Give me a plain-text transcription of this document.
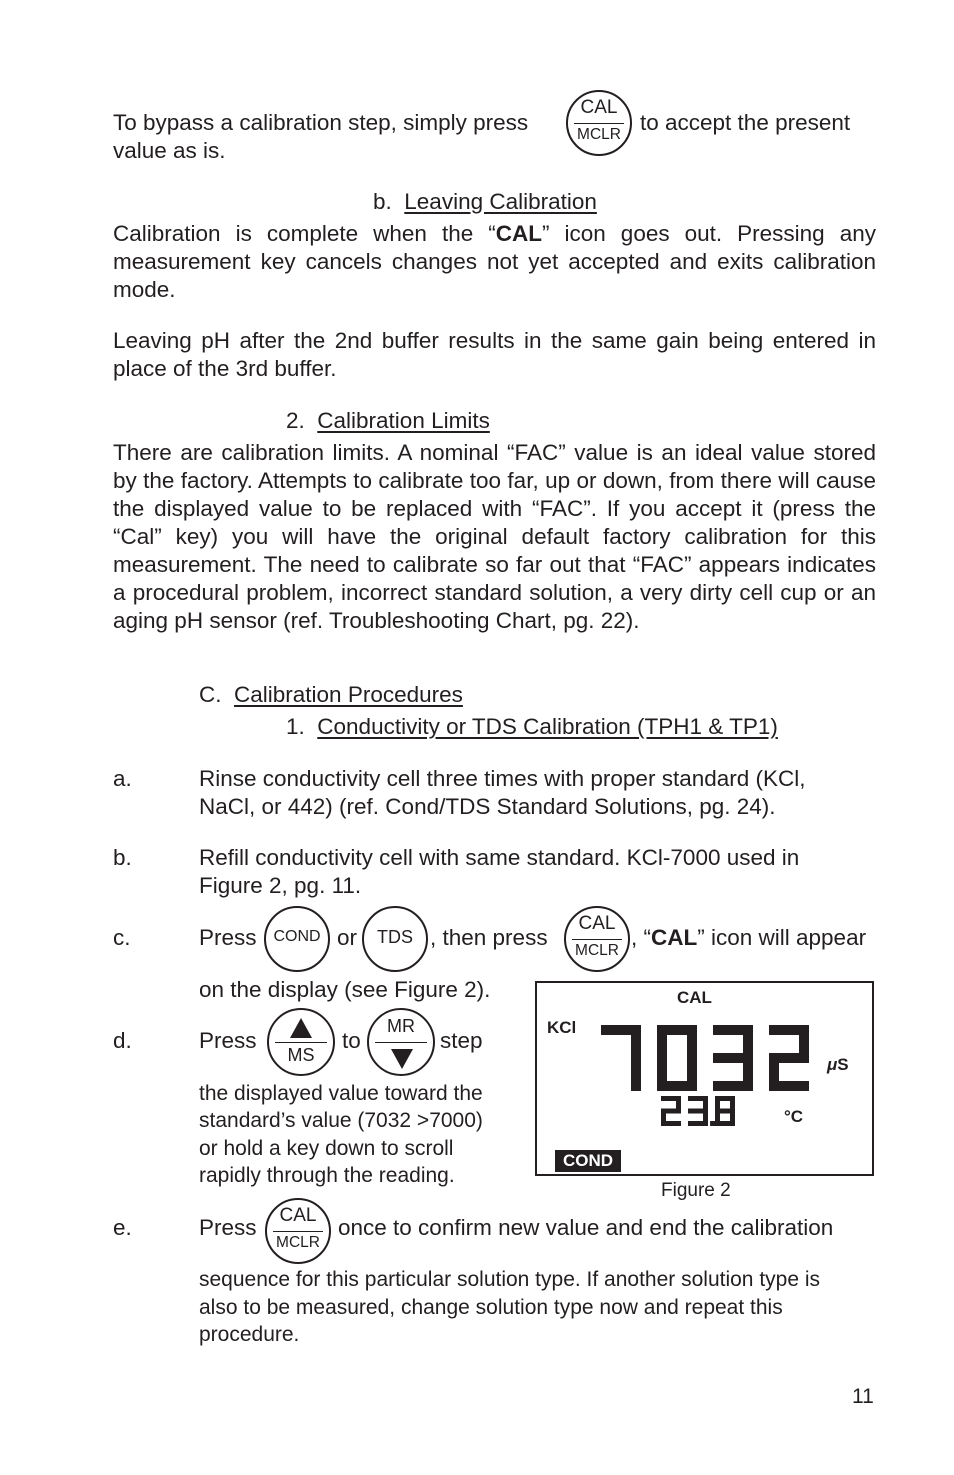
To bypass a calibration step, simply press
CAL
MCLR to accept the present
value as is.
b. Leaving Calibration
Calibration is complete when the “CAL” icon goes out. Pressing any measurement key cancels changes not yet accepted and exits calibration mode.
Leaving pH after the 2nd buffer results in the same gain being entered in place of the 3rd buffer.
2. Calibration Limits
There are calibration limits. A nominal “FAC” value is an ideal value stored by the factory. Attempts to calibrate too far, up or down, from there will cause the displayed value to be replaced with “FAC”. If you accept it (press the “Cal” key) you will have the original default factory calibration for this measurement. The need to calibrate so far out that “FAC” appears indicates a procedural problem, incorrect standard solution, a very dirty cell cup or an aging pH sensor (ref. Troubleshooting Chart, pg. 22).
C. Calibration Procedures
1. Conductivity or TDS Calibration (TPH1 & TP1)
a.	Rinse conductivity cell three times with proper standard (KCl,
NaCl, or 442) (ref. Cond/TDS Standard Solutions, pg. 24).
b.	Refill conductivity cell with same standard. KCl-7000 used in
Figure 2, pg. 11.
c.	Press	COND or	TDS , then press
CAL
MCLR
, “CAL” icon will appear
on the display (see Figure 2).
d.	Press
MS
to
MR
step
the displayed value toward the
standard’s value (7032 >7000)
or hold a key down to scroll
rapidly through the reading.
CAL
KCl
μS
°C
COND
Figure 2
e.	Press	CAL
MCLR
once to confirm new value and end the calibration
sequence for this particular solution type. If another solution type is
also to be measured, change solution type now and repeat this
procedure.
11
